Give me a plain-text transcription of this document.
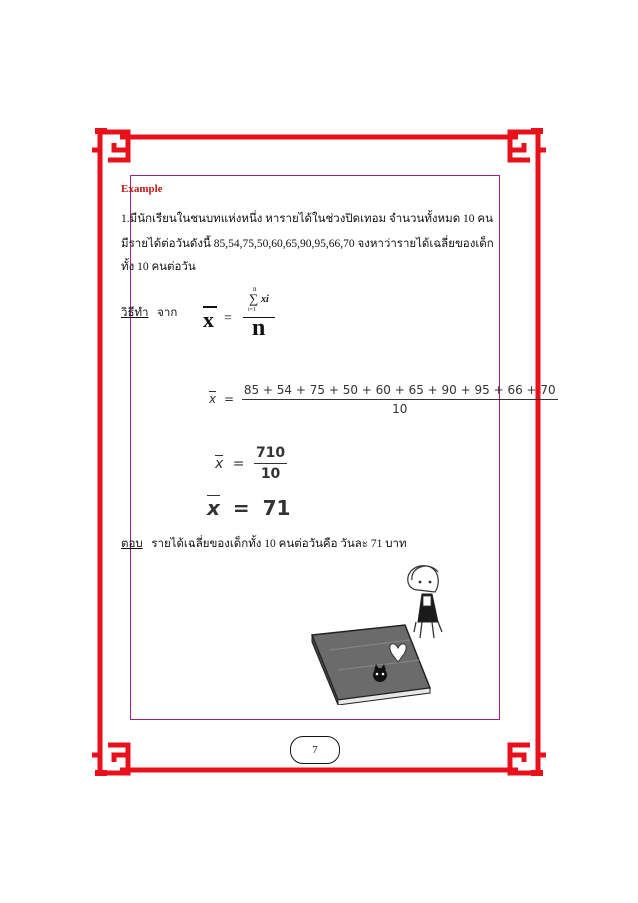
Example
1.มีนักเรียนในชนบทแห่งหนึ่ง หารายได้ในช่วงปิดเทอม จำนวนทั้งหมด 10 คน
มีรายได้ต่อวันดังนี้ 85,54,75,50,60,65,90,95,66,70 จงหาว่ารายได้เฉลี่ยของเด็ก
ทั้ง 10 คนต่อวัน
วิธีทำ จาก x =
n
∑ xi
i=1
n
$x = \frac{85 + 54 + 75 + 50 + 60 + 65 + 90 + 95 + 66 + 70}{10}$
$x = \frac{710}{10}$
x = 71
ตอบ รายได้เฉลี่ยของเด็กทั้ง 10 คนต่อวันคือ วันละ 71 บาท
7
